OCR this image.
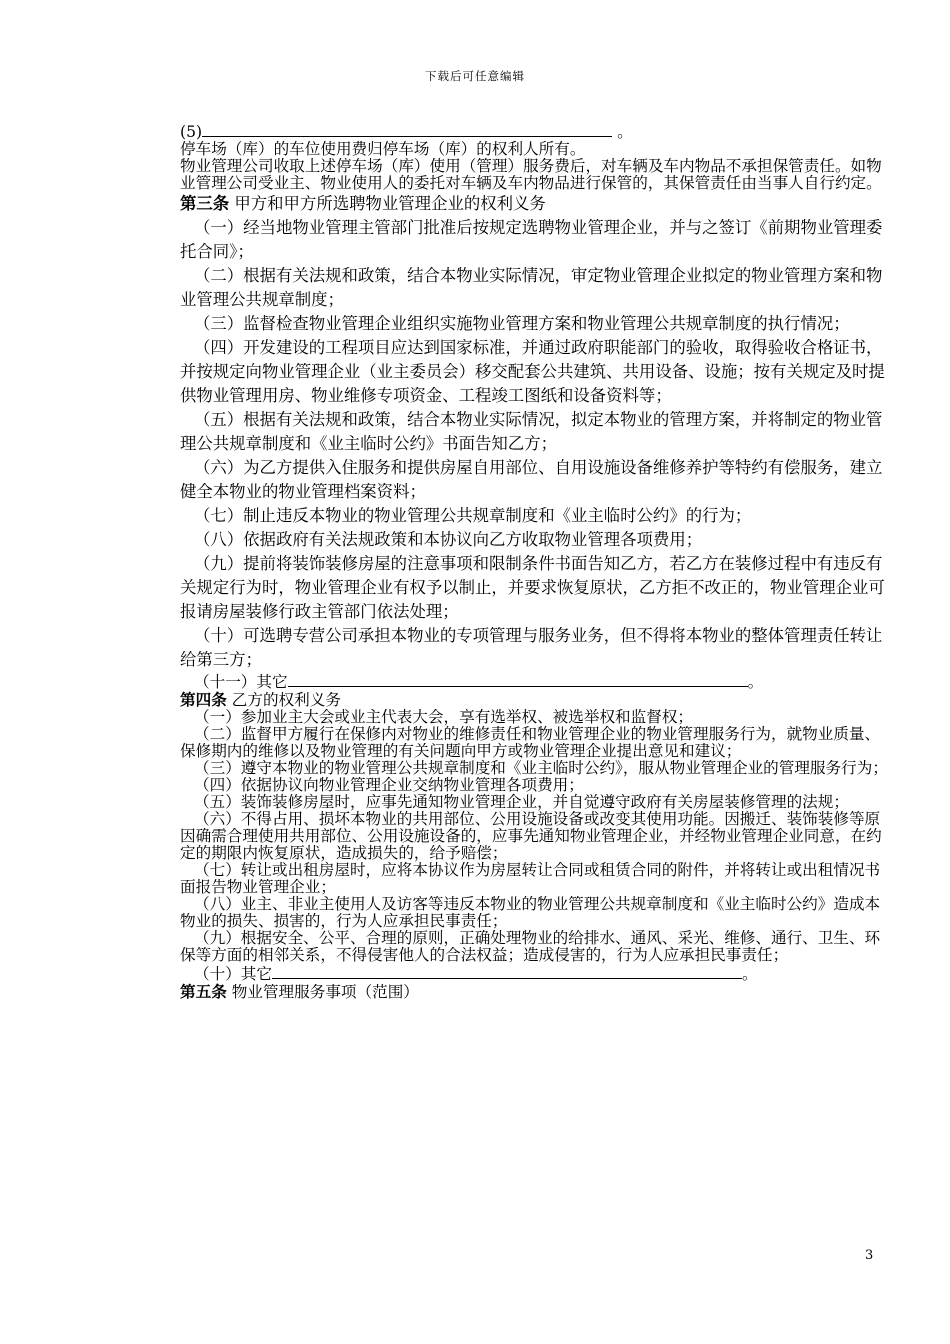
下载后可任意编辑

(5)	。

停车场（库）的车位使用费归停车场（库）的权利人所有。

物业管理公司收取上述停车场（库）使用（管理）服务费后，对车辆及车内物品不承担保管责任。如物业管理公司受业主、物业使用人的委托对车辆及车内物品进行保管的，其保管责任由当事人自行约定。

第三条 甲方和甲方所选聘物业管理企业的权利义务

（一）经当地物业管理主管部门批准后按规定选聘物业管理企业，并与之签订《前期物业管理委托合同》；

（二）根据有关法规和政策，结合本物业实际情况，审定物业管理企业拟定的物业管理方案和物业管理公共规章制度；

（三）监督检查物业管理企业组织实施物业管理方案和物业管理公共规章制度的执行情况；

（四）开发建设的工程项目应达到国家标准，并通过政府职能部门的验收，取得验收合格证书，并按规定向物业管理企业（业主委员会）移交配套公共建筑、共用设备、设施；按有关规定及时提供物业管理用房、物业维修专项资金、工程竣工图纸和设备资料等；

（五）根据有关法规和政策，结合本物业实际情况，拟定本物业的管理方案，并将制定的物业管理公共规章制度和《业主临时公约》书面告知乙方；

（六）为乙方提供入住服务和提供房屋自用部位、自用设施设备维修养护等特约有偿服务，建立健全本物业的物业管理档案资料；

（七）制止违反本物业的物业管理公共规章制度和《业主临时公约》的行为；

（八）依据政府有关法规政策和本协议向乙方收取物业管理各项费用；

（九）提前将装饰装修房屋的注意事项和限制条件书面告知乙方，若乙方在装修过程中有违反有关规定行为时，物业管理企业有权予以制止，并要求恢复原状，乙方拒不改正的，物业管理企业可报请房屋装修行政主管部门依法处理；

（十）可选聘专营公司承担本物业的专项管理与服务业务，但不得将本物业的整体管理责任转让给第三方；

（十一）其它	。

第四条 乙方的权利义务

（一）参加业主大会或业主代表大会，享有选举权、被选举权和监督权；

（二）监督甲方履行在保修内对物业的维修责任和物业管理企业的物业管理服务行为，就物业质量、保修期内的维修以及物业管理的有关问题向甲方或物业管理企业提出意见和建议；

（三）遵守本物业的物业管理公共规章制度和《业主临时公约》，服从物业管理企业的管理服务行为；

（四）依据协议向物业管理企业交纳物业管理各项费用；

（五）装饰装修房屋时，应事先通知物业管理企业，并自觉遵守政府有关房屋装修管理的法规；

（六）不得占用、损坏本物业的共用部位、公用设施设备或改变其使用功能。因搬迁、装饰装修等原因确需合理使用共用部位、公用设施设备的，应事先通知物业管理企业，并经物业管理企业同意，在约定的期限内恢复原状，造成损失的，给予赔偿；

（七）转让或出租房屋时，应将本协议作为房屋转让合同或租赁合同的附件，并将转让或出租情况书面报告物业管理企业；

（八）业主、非业主使用人及访客等违反本物业的物业管理公共规章制度和《业主临时公约》造成本物业的损失、损害的，行为人应承担民事责任；

（九）根据安全、公平、合理的原则，正确处理物业的给排水、通风、采光、维修、通行、卫生、环保等方面的相邻关系，不得侵害他人的合法权益；造成侵害的，行为人应承担民事责任；

（十）其它	。

第五条 物业管理服务事项（范围）

3
